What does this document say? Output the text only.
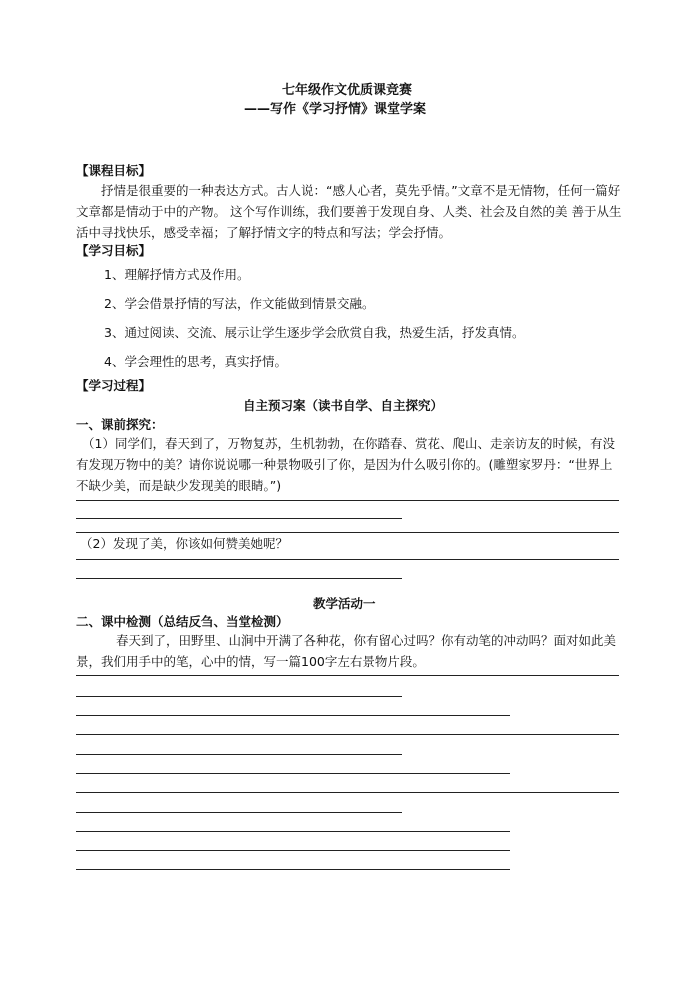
七年级作文优质课竞赛
——写作《学习抒情》课堂学案
【课程目标】
抒情是很重要的一种表达方式。古人说：“感人心者，莫先乎情。”文章不是无情物，任何一篇好文章都是情动于中的产物。 这个写作训练，我们要善于发现自身、人类、社会及自然的美 善于从生活中寻找快乐，感受幸福；了解抒情文字的特点和写法；学会抒情。
【学习目标】
1、理解抒情方式及作用。
2、学会借景抒情的写法，作文能做到情景交融。
3、通过阅读、交流、展示让学生逐步学会欣赏自我，热爱生活，抒发真情。
4、学会理性的思考，真实抒情。
【学习过程】
自主预习案（读书自学、自主探究）
一、课前探究：
（1）同学们，春天到了，万物复苏，生机勃勃，在你踏春、赏花、爬山、走亲访友的时候，有没有发现万物中的美？请你说说哪一种景物吸引了你，是因为什么吸引你的。(雕塑家罗丹：“世界上不缺少美，而是缺少发现美的眼睛。”)
（2）发现了美，你该如何赞美她呢？
教学活动一
二、课中检测（总结反刍、当堂检测）
春天到了，田野里、山涧中开满了各种花，你有留心过吗？你有动笔的冲动吗？面对如此美景，我们用手中的笔，心中的情，写一篇100字左右景物片段。
